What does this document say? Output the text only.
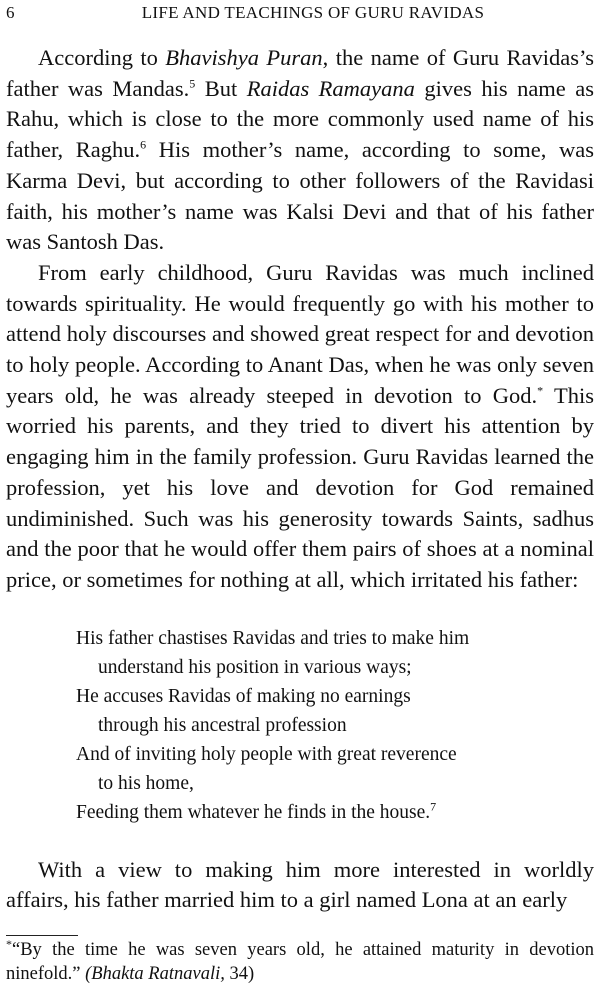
6	LIFE AND TEACHINGS OF GURU RAVIDAS

According to Bhavishya Puran, the name of Guru Ravidas’s father was Mandas.$^5$ But Raidas Ramayana gives his name as Rahu, which is close to the more commonly used name of his father, Raghu.$^6$ His mother’s name, according to some, was Karma Devi, but according to other followers of the Ravidasi faith, his mother’s name was Kalsi Devi and that of his father was Santosh Das.

From early childhood, Guru Ravidas was much inclined towards spirituality. He would frequently go with his mother to attend holy discourses and showed great respect for and devotion to holy people. According to Anant Das, when he was only seven years old, he was already steeped in devotion to God.* This worried his parents, and they tried to divert his attention by engaging him in the family profession. Guru Ravidas learned the profession, yet his love and devotion for God remained undiminished. Such was his generosity towards Saints, sadhus and the poor that he would offer them pairs of shoes at a nominal price, or sometimes for nothing at all, which irritated his father:

His father chastises Ravidas and tries to make him
understand his position in various ways;
He accuses Ravidas of making no earnings
through his ancestral profession
And of inviting holy people with great reverence
to his home,
Feeding them whatever he finds in the house.$^7$

With a view to making him more interested in worldly affairs, his father married him to a girl named Lona at an early

*“By the time he was seven years old, he attained maturity in devotion ninefold.” (Bhakta Ratnavali, 34)
